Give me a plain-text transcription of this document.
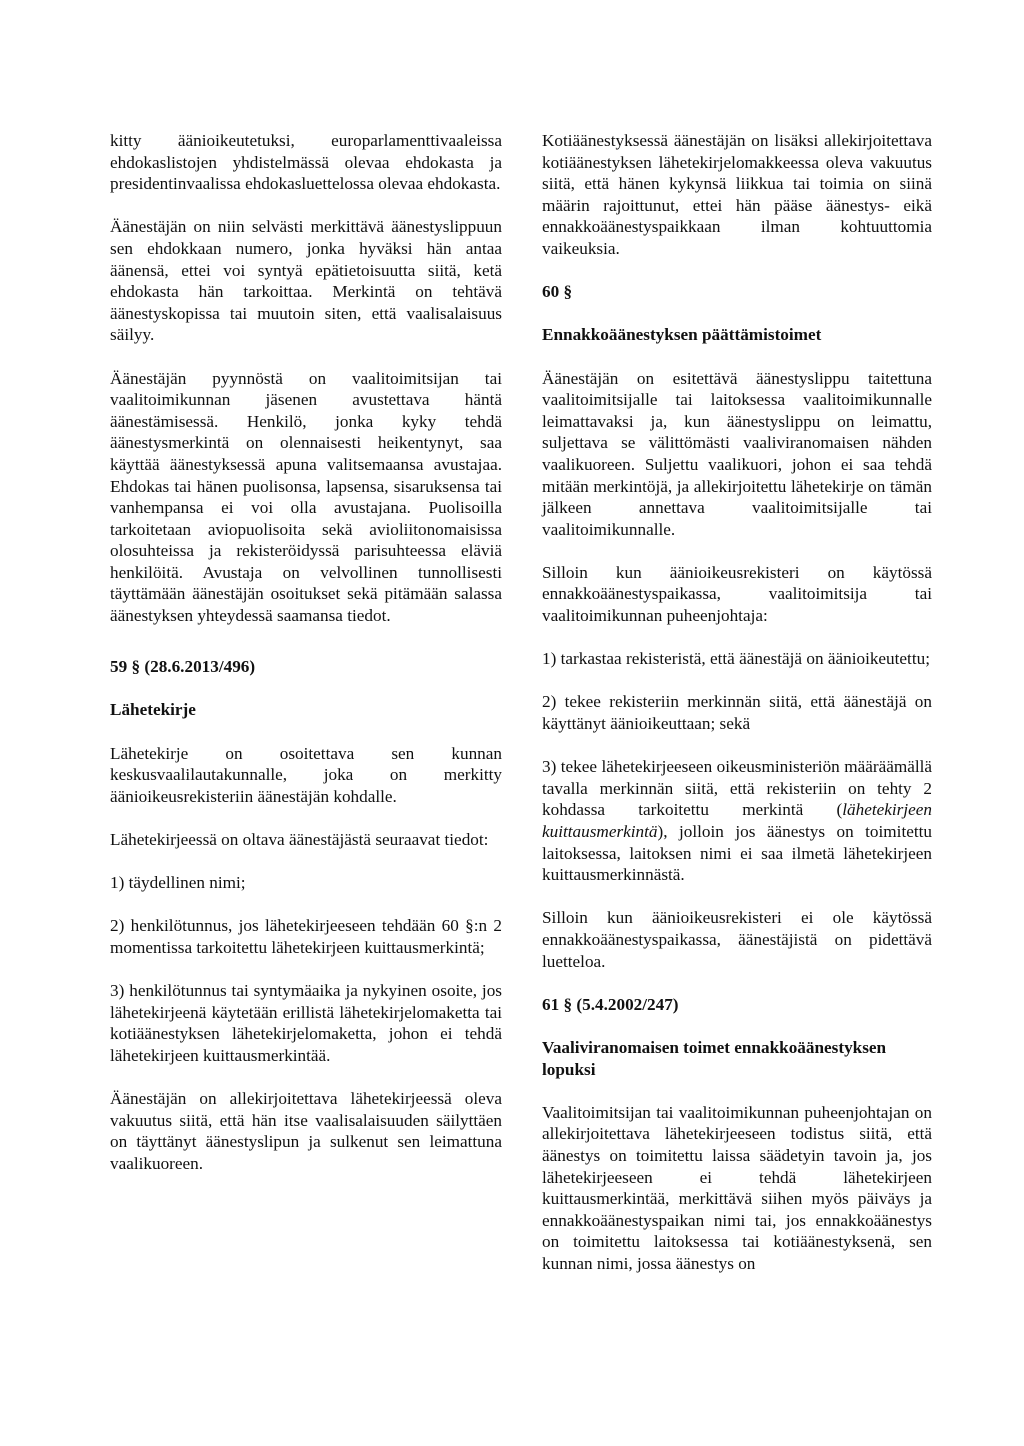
kitty äänioikeutetuksi, europarlamenttivaaleissa ehdokaslistojen yhdistelmässä olevaa ehdokasta ja presidentinvaalissa ehdokasluettelossa olevaa ehdokasta.

Äänestäjän on niin selvästi merkittävä äänestyslippuun sen ehdokkaan numero, jonka hyväksi hän antaa äänensä, ettei voi syntyä epätietoisuutta siitä, ketä ehdokasta hän tarkoittaa. Merkintä on tehtävä äänestyskopissa tai muutoin siten, että vaalisalaisuus säilyy.

Äänestäjän pyynnöstä on vaalitoimitsijan tai vaalitoimikunnan jäsenen avustettava häntä äänestämisessä. Henkilö, jonka kyky tehdä äänestysmerkintä on olennaisesti heikentynyt, saa käyttää äänestyksessä apuna valitsemaansa avustajaa. Ehdokas tai hänen puolisonsa, lapsensa, sisaruksensa tai vanhempansa ei voi olla avustajana. Puolisoilla tarkoitetaan aviopuolisoita sekä avioliitonomaisissa olosuhteissa ja rekisteröidyssä parisuhteessa eläviä henkilöitä. Avustaja on velvollinen tunnollisesti täyttämään äänestäjän osoitukset sekä pitämään salassa äänestyksen yhteydessä saamansa tiedot.

59 § (28.6.2013/496)

Lähetekirje

Lähetekirje on osoitettava sen kunnan keskusvaalilautakunnalle, joka on merkitty äänioikeusrekisteriin äänestäjän kohdalle.

Lähetekirjeessä on oltava äänestäjästä seuraavat tiedot:

1) täydellinen nimi;

2) henkilötunnus, jos lähetekirjeeseen tehdään 60 §:n 2 momentissa tarkoitettu lähetekirjeen kuittausmerkintä;

3) henkilötunnus tai syntymäaika ja nykyinen osoite, jos lähetekirjeenä käytetään erillistä lähetekirjelomaketta tai kotiäänestyksen lähetekirjelomaketta, johon ei tehdä lähetekirjeen kuittausmerkintää.

Äänestäjän on allekirjoitettava lähetekirjeessä oleva vakuutus siitä, että hän itse vaalisalaisuuden säilyttäen on täyttänyt äänestyslipun ja sulkenut sen leimattuna vaalikuoreen.

Kotiäänestyksessä äänestäjän on lisäksi allekirjoitettava kotiäänestyksen lähetekirjelomakkeessa oleva vakuutus siitä, että hänen kykynsä liikkua tai toimia on siinä määrin rajoittunut, ettei hän pääse äänestys- eikä ennakkoäänestyspaikkaan ilman kohtuuttomia vaikeuksia.

60 §

Ennakkoäänestyksen päättämistoimet

Äänestäjän on esitettävä äänestyslippu taitettuna vaalitoimitsijalle tai laitoksessa vaalitoimikunnalle leimattavaksi ja, kun äänestyslippu on leimattu, suljettava se välittömästi vaaliviranomaisen nähden vaalikuoreen. Suljettu vaalikuori, johon ei saa tehdä mitään merkintöjä, ja allekirjoitettu lähetekirje on tämän jälkeen annettava vaalitoimitsijalle tai vaalitoimikunnalle.

Silloin kun äänioikeusrekisteri on käytössä ennakkoäänestyspaikassa, vaalitoimitsija tai vaalitoimikunnan puheenjohtaja:

1) tarkastaa rekisteristä, että äänestäjä on äänioikeutettu;

2) tekee rekisteriin merkinnän siitä, että äänestäjä on käyttänyt äänioikeuttaan; sekä

3) tekee lähetekirjeeseen oikeusministeriön määräämällä tavalla merkinnän siitä, että rekisteriin on tehty 2 kohdassa tarkoitettu merkintä (lähetekirjeen kuittausmerkintä), jolloin jos äänestys on toimitettu laitoksessa, laitoksen nimi ei saa ilmetä lähetekirjeen kuittausmerkinnästä.

Silloin kun äänioikeusrekisteri ei ole käytössä ennakkoäänestyspaikassa, äänestäjistä on pidettävä luetteloa.

61 § (5.4.2002/247)

Vaaliviranomaisen toimet ennakkoäänestyksen lopuksi

Vaalitoimitsijan tai vaalitoimikunnan puheenjohtajan on allekirjoitettava lähetekirjeeseen todistus siitä, että äänestys on toimitettu laissa säädetyin tavoin ja, jos lähetekirjeeseen ei tehdä lähetekirjeen kuittausmerkintää, merkittävä siihen myös päiväys ja ennakkoäänestyspaikan nimi tai, jos ennakkoäänestys on toimitettu laitoksessa tai kotiäänestyksenä, sen kunnan nimi, jossa äänestys on
